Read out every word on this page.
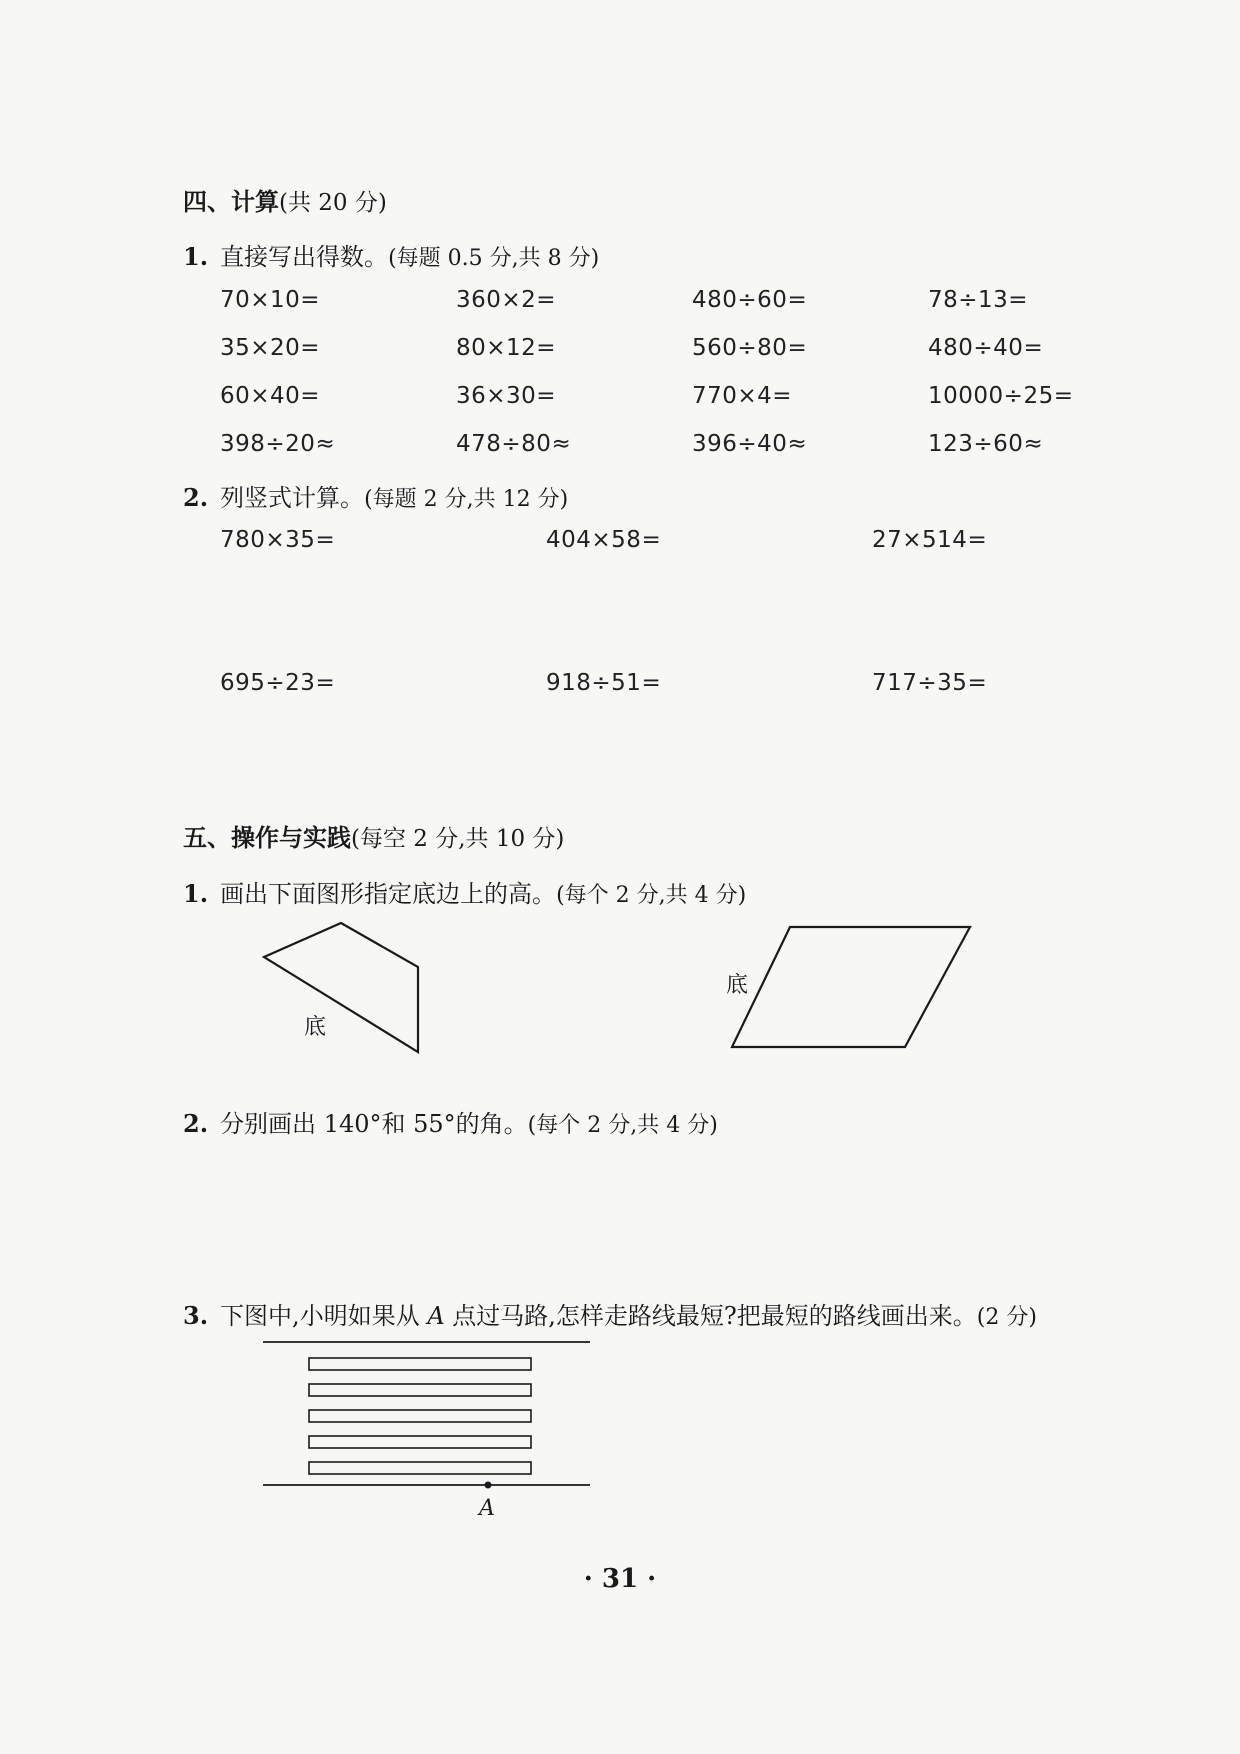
四、计算(共 20 分)
1. 直接写出得数。(每题 0.5 分,共 8 分)
70×10=	360×2=	480÷60=	78÷13=
35×20=	80×12=	560÷80=	480÷40=
60×40=	36×30=	770×4=	10000÷25=
398÷20≈	478÷80≈	396÷40≈	123÷60≈
2. 列竖式计算。(每题 2 分,共 12 分)
780×35=	404×58=	27×514=
695÷23=	918÷51=	717÷35=
五、操作与实践(每空 2 分,共 10 分)
1. 画出下面图形指定底边上的高。(每个 2 分,共 4 分)
底
底
2. 分别画出 140°和 55°的角。(每个 2 分,共 4 分)
3. 下图中,小明如果从 A 点过马路,怎样走路线最短?把最短的路线画出来。(2 分)
A
· 31 ·
